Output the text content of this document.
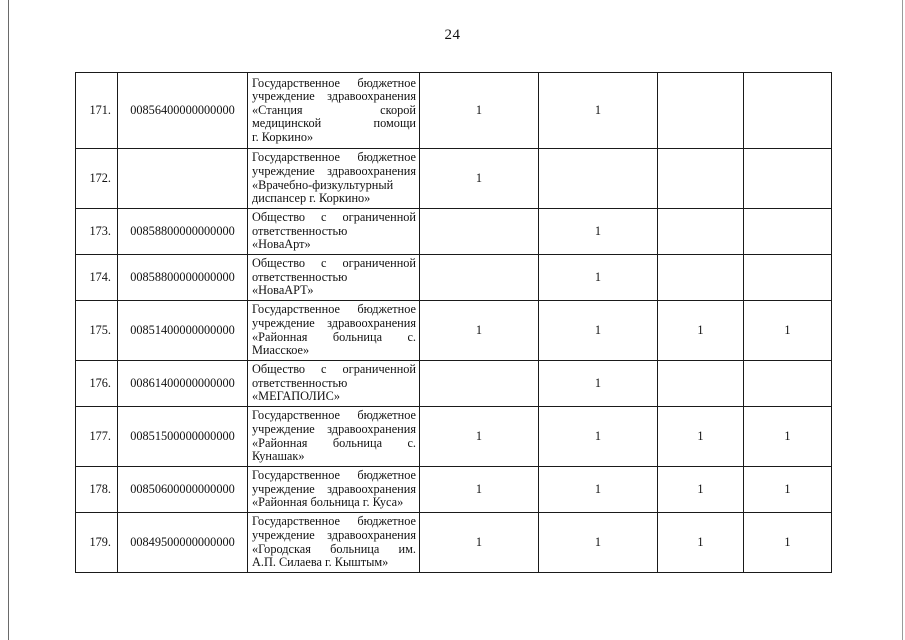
24
171.	00856400000000000	Государственное бюджетное
учреждение здравоохранения
«Станция скорой
медицинской помощи
г. Коркино»	1	1		
172.		Государственное бюджетное
учреждение здравоохранения
«Врачебно-физкультурный
диспансер г. Коркино»	1			
173.	00858800000000000	Общество с ограниченной
ответственностью
«НоваАрт»		1		
174.	00858800000000000	Общество с ограниченной
ответственностью
«НоваАРТ»		1		
175.	00851400000000000	Государственное бюджетное
учреждение здравоохранения
«Районная больница с.
Миасское»	1	1	1	1
176.	00861400000000000	Общество с ограниченной
ответственностью
«МЕГАПОЛИС»		1		
177.	00851500000000000	Государственное бюджетное
учреждение здравоохранения
«Районная больница с.
Кунашак»	1	1	1	1
178.	00850600000000000	Государственное бюджетное
учреждение здравоохранения
«Районная больница г. Куса»	1	1	1	1
179.	00849500000000000	Государственное бюджетное
учреждение здравоохранения
«Городская больница им.
А.П. Силаева г. Кыштым»	1	1	1	1
